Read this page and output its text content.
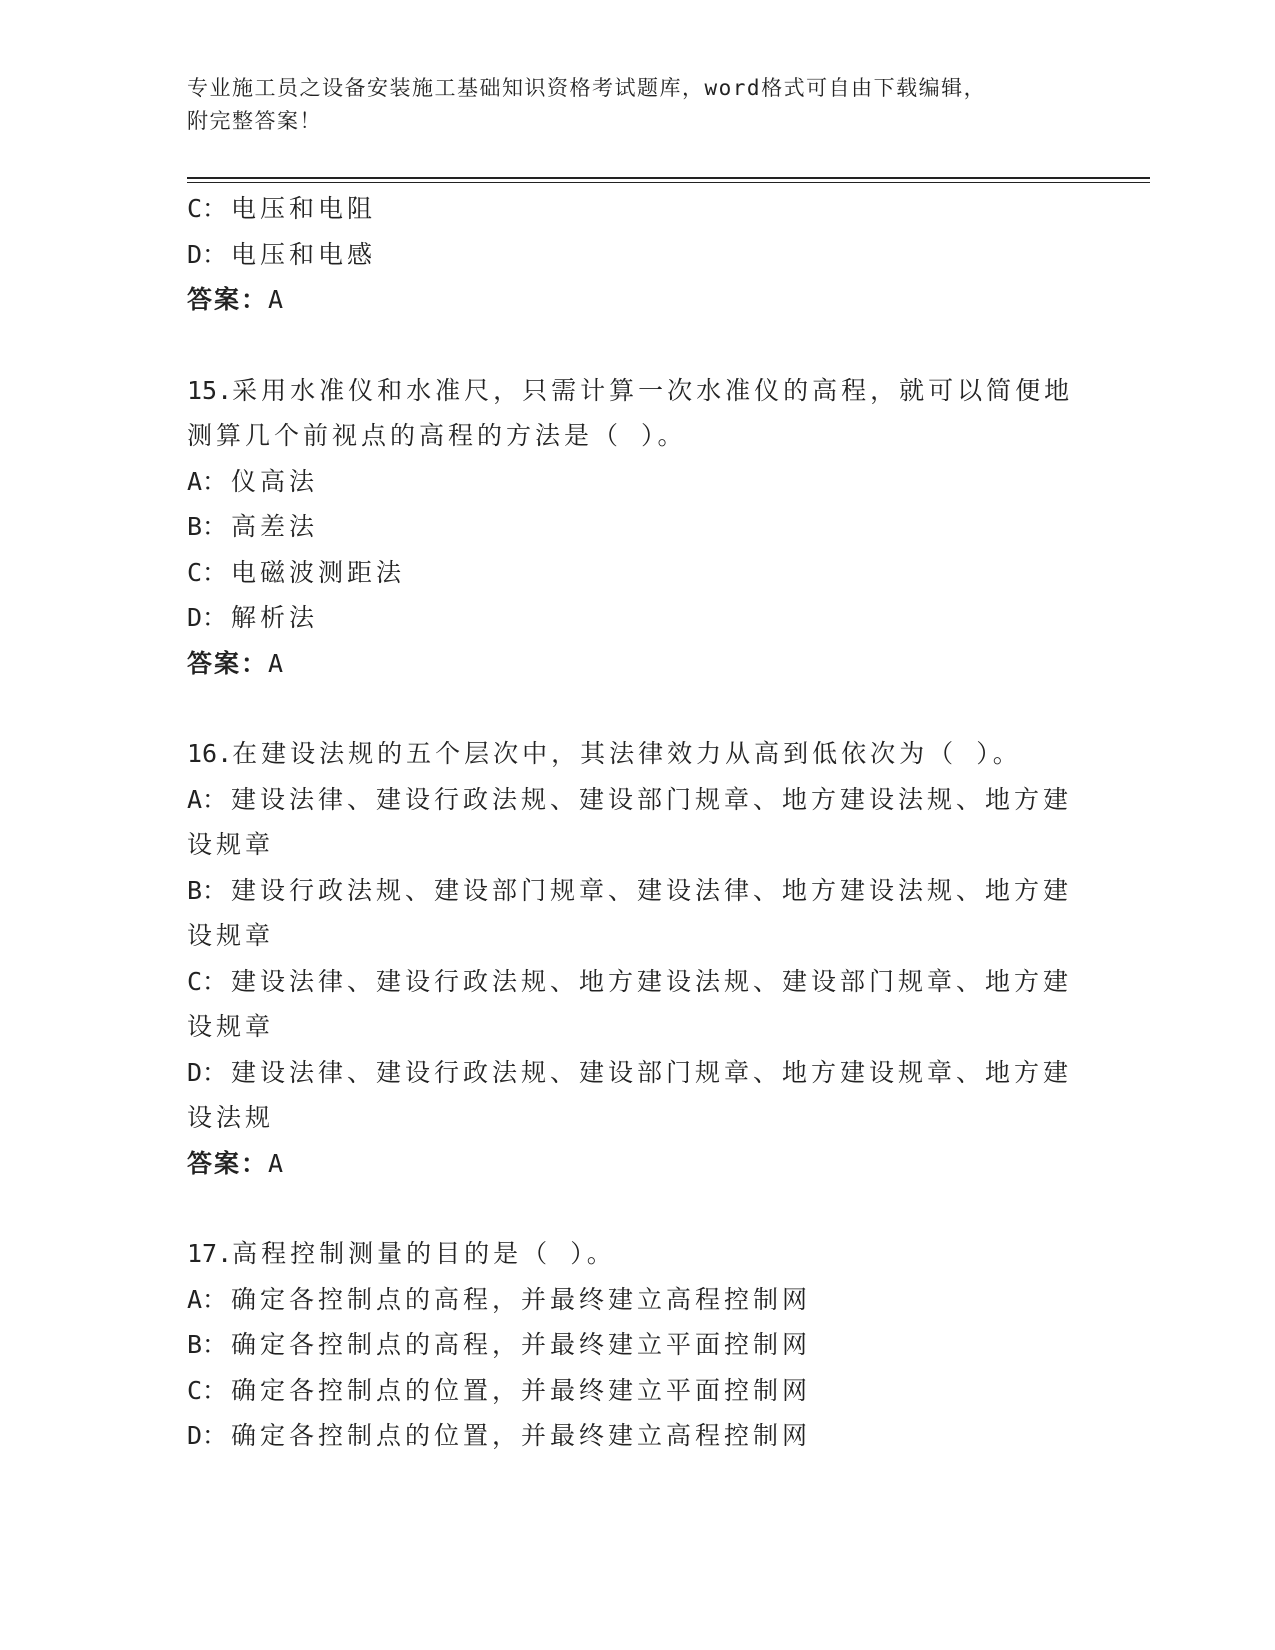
专业施工员之设备安装施工基础知识资格考试题库，word格式可自由下载编辑，
附完整答案！
C： 电压和电阻
D： 电压和电感
答案：A
15.采用水准仪和水准尺，只需计算一次水准仪的高程，就可以简便地
测算几个前视点的高程的方法是（ ）。
A： 仪高法
B： 高差法
C： 电磁波测距法
D： 解析法
答案：A
16.在建设法规的五个层次中，其法律效力从高到低依次为（ ）。
A： 建设法律、建设行政法规、建设部门规章、地方建设法规、地方建
设规章
B： 建设行政法规、建设部门规章、建设法律、地方建设法规、地方建
设规章
C： 建设法律、建设行政法规、地方建设法规、建设部门规章、地方建
设规章
D： 建设法律、建设行政法规、建设部门规章、地方建设规章、地方建
设法规
答案：A
17.高程控制测量的目的是（ ）。
A： 确定各控制点的高程，并最终建立高程控制网
B： 确定各控制点的高程，并最终建立平面控制网
C： 确定各控制点的位置，并最终建立平面控制网
D： 确定各控制点的位置，并最终建立高程控制网
